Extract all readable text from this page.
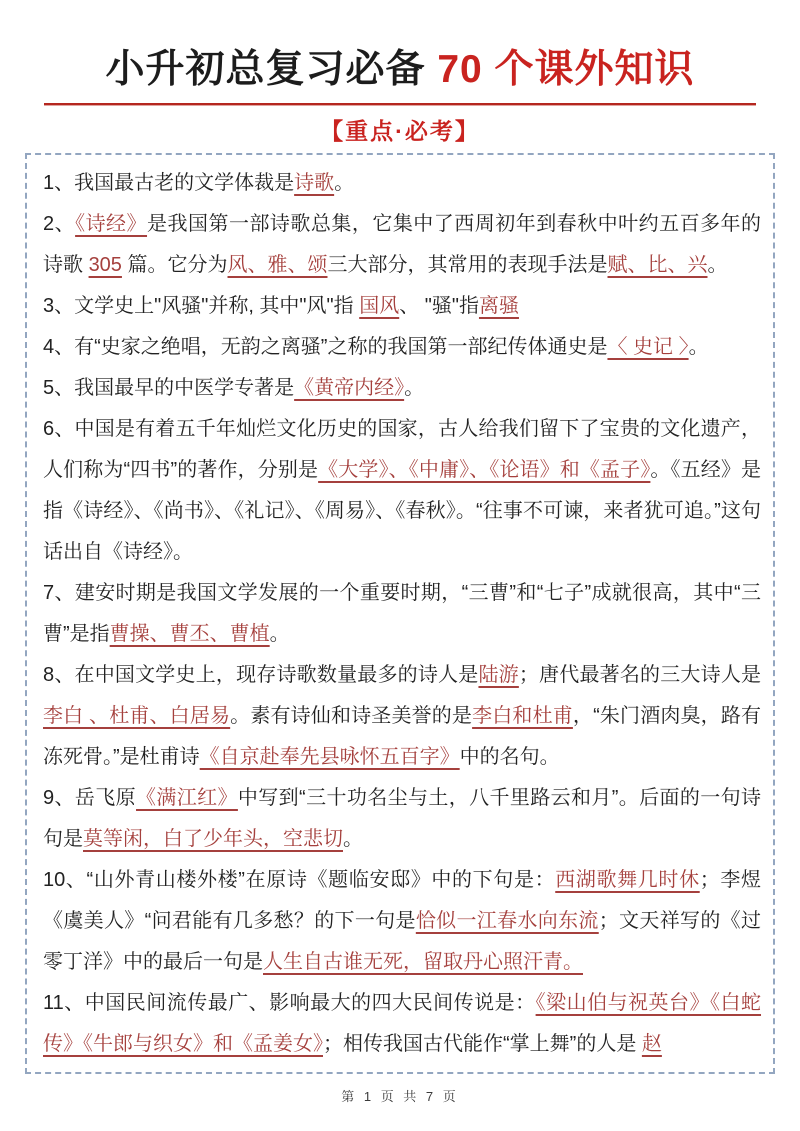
小升初总复习必备 70 个课外知识
【重点·必考】

1、我国最古老的文学体裁是诗歌。

2、《诗经》是我国第一部诗歌总集，它集中了西周初年到春秋中叶约五百多年的诗歌 305 篇。它分为风、雅、颂三大部分，其常用的表现手法是赋、比、兴。

3、文学史上"风骚"并称, 其中"风"指 国风、 "骚"指离骚

4、有“史家之绝唱，无韵之离骚”之称的我国第一部纪传体通史是〈 史记 〉。

5、我国最早的中医学专著是《黄帝内经》。

6、中国是有着五千年灿烂文化历史的国家，古人给我们留下了宝贵的文化遗产，人们称为“四书”的著作，分别是《大学》、《中庸》、《论语》和《孟子》。《五经》是指《诗经》、《尚书》、《礼记》、《周易》、《春秋》。“往事不可谏，来者犹可追。”这句话出自《诗经》。

7、建安时期是我国文学发展的一个重要时期，“三曹”和“七子”成就很高，其中“三曹”是指曹操、曹丕、曹植。

8、在中国文学史上，现存诗歌数量最多的诗人是陆游；唐代最著名的三大诗人是 李白 、杜甫、白居易。素有诗仙和诗圣美誉的是李白和杜甫，“朱门酒肉臭，路有冻死骨。”是杜甫诗《自京赴奉先县咏怀五百字》中的名句。

9、岳飞原《满江红》中写到“三十功名尘与土，八千里路云和月”。后面的一句诗句是莫等闲，白了少年头，空悲切。

10、“山外青山楼外楼”在原诗《题临安邸》中的下句是：西湖歌舞几时休；李煜《虞美人》“问君能有几多愁？的下一句是恰似一江春水向东流；文天祥写的《过零丁洋》中的最后一句是人生自古谁无死，留取丹心照汗青。

11、中国民间流传最广、影响最大的四大民间传说是：《梁山伯与祝英台》《白蛇传》《牛郎与织女》和《孟姜女》；相传我国古代能作“掌上舞”的人是 赵

第 1 页 共 7 页
